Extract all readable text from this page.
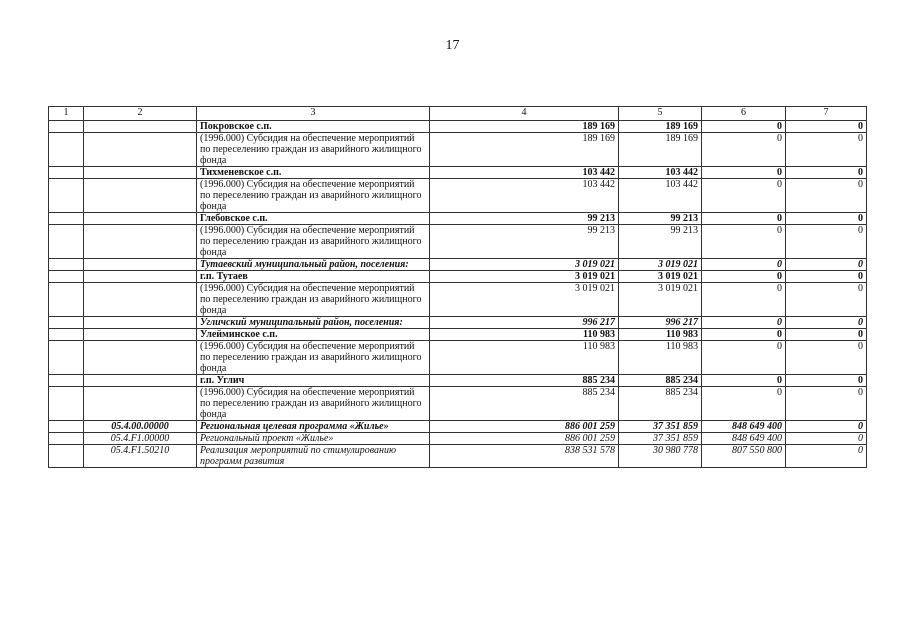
17
1	2	3	4	5	6	7
		Покровское с.п.	189 169	189 169	0	0
		(1996.000) Субсидия на обеспечение мероприятий по переселению граждан из аварийного жилищного фонда	189 169	189 169	0	0
		Тихменевское с.п.	103 442	103 442	0	0
		(1996.000) Субсидия на обеспечение мероприятий по переселению граждан из аварийного жилищного фонда	103 442	103 442	0	0
		Глебовское с.п.	99 213	99 213	0	0
		(1996.000) Субсидия на обеспечение мероприятий по переселению граждан из аварийного жилищного фонда	99 213	99 213	0	0
		Тутаевский муниципальный район, поселения:	3 019 021	3 019 021	0	0
		г.п. Тутаев	3 019 021	3 019 021	0	0
		(1996.000) Субсидия на обеспечение мероприятий по переселению граждан из аварийного жилищного фонда	3 019 021	3 019 021	0	0
		Угличский муниципальный район, поселения:	996 217	996 217	0	0
		Улейминское с.п.	110 983	110 983	0	0
		(1996.000) Субсидия на обеспечение мероприятий по переселению граждан из аварийного жилищного фонда	110 983	110 983	0	0
		г.п. Углич	885 234	885 234	0	0
		(1996.000) Субсидия на обеспечение мероприятий по переселению граждан из аварийного жилищного фонда	885 234	885 234	0	0
	05.4.00.00000	Региональная целевая программа «Жилье»	886 001 259	37 351 859	848 649 400	0
	05.4.F1.00000	Региональный проект «Жилье»	886 001 259	37 351 859	848 649 400	0
	05.4.F1.50210	Реализация мероприятий по стимулированию программ развития	838 531 578	30 980 778	807 550 800	0
